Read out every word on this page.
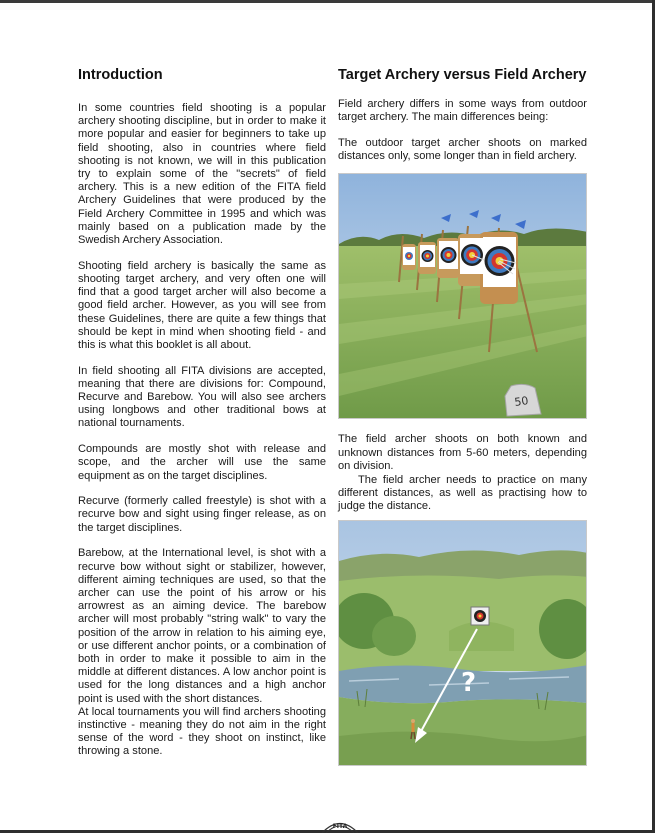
Introduction

In some countries field shooting is a popular archery shooting discipline, but in order to make it more popular and easier for beginners to take up field shooting, also in countries where field shooting is not known, we will in this publication try to explain some of the "secrets" of field archery. This is a new edition of the FITA field Archery Guidelines that were produced by the Field Archery Committee in 1995 and which was mainly based on a publication made by the Swedish Archery Association.

Shooting field archery is basically the same as shooting target archery, and very often one will find that a good target archer will also become a good field archer. However, as you will see from these Guidelines, there are quite a few things that should be kept in mind when shooting field - and this is what this booklet is all about.

In field shooting all FITA divisions are accepted, meaning that there are divisions for: Compound, Recurve and Barebow. You will also see archers using longbows and other traditional bows at national tournaments.

Compounds are mostly shot with release and scope, and the archer will use the same equipment as on the target disciplines.

Recurve (formerly called freestyle) is shot with a recurve bow and sight using finger release, as on the target disciplines.

Barebow, at the International level, is shot with a recurve bow without sight or stabilizer, however, different aiming techniques are used, so that the archer can use the point of his arrow or his arrowrest as an aiming device. The barebow archer will most probably "string walk" to vary the position of the arrow in relation to his aiming eye, or use different anchor points, or a combination of both in order to make it possible to aim in the middle at different distances. A low anchor point is used for the long distances and a high anchor point is used with the short distances.

At local tournaments you will find archers shooting instinctive - meaning they do not aim in the right sense of the word - they shoot on instinct, like throwing a stone.

Target Archery versus Field Archery

Field archery differs in some ways from outdoor target archery. The main differences being:

The outdoor target archer shoots on marked distances only, some longer than in field archery.

50

The field archer shoots on both known and unknown distances from 5-60 meters, depending on division.

The field archer needs to practice on many different distances, as well as practising how to judge the distance.

?
FITA
